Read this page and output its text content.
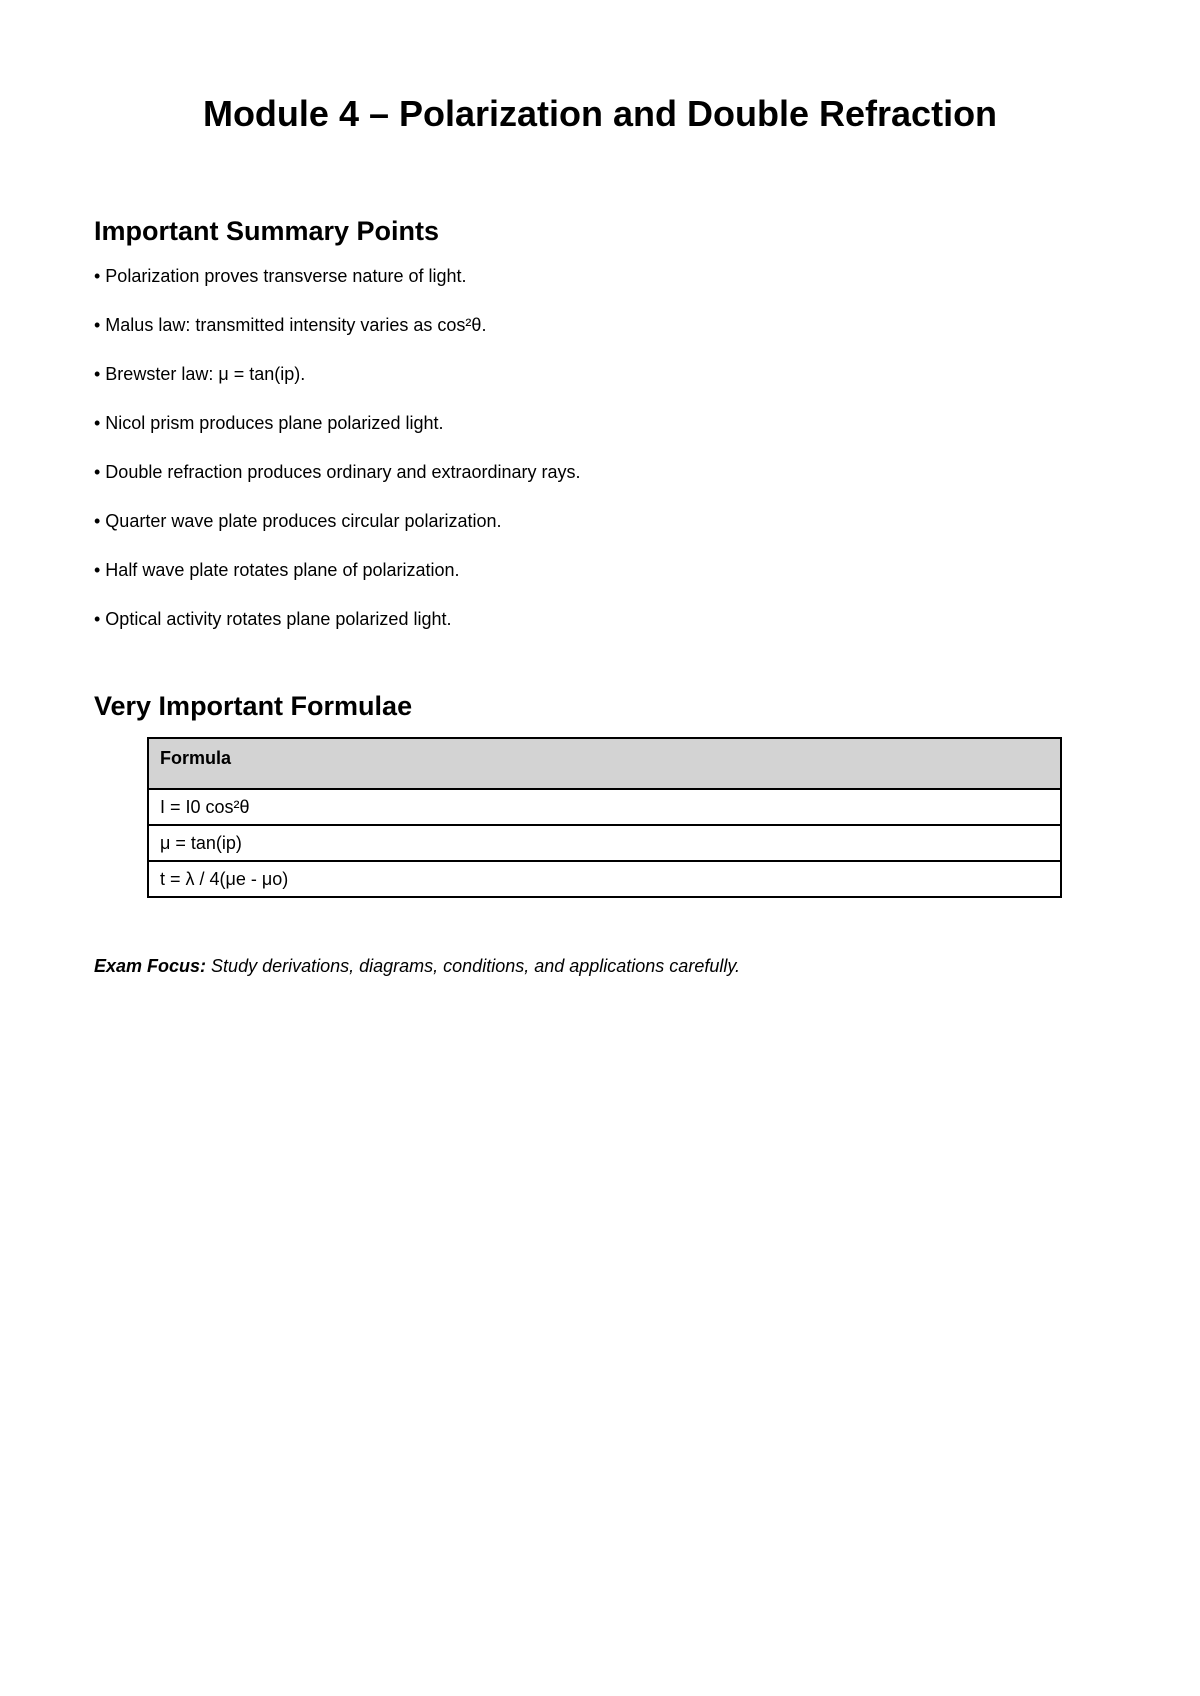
Module 4 – Polarization and Double Refraction
Important Summary Points
• Polarization proves transverse nature of light.
• Malus law: transmitted intensity varies as cos²θ.
• Brewster law: μ = tan(ip).
• Nicol prism produces plane polarized light.
• Double refraction produces ordinary and extraordinary rays.
• Quarter wave plate produces circular polarization.
• Half wave plate rotates plane of polarization.
• Optical activity rotates plane polarized light.
Very Important Formulae
Formula
I = I0 cos²θ
μ = tan(ip)
t = λ / 4(μe - μo)

Exam Focus: Study derivations, diagrams, conditions, and applications carefully.
